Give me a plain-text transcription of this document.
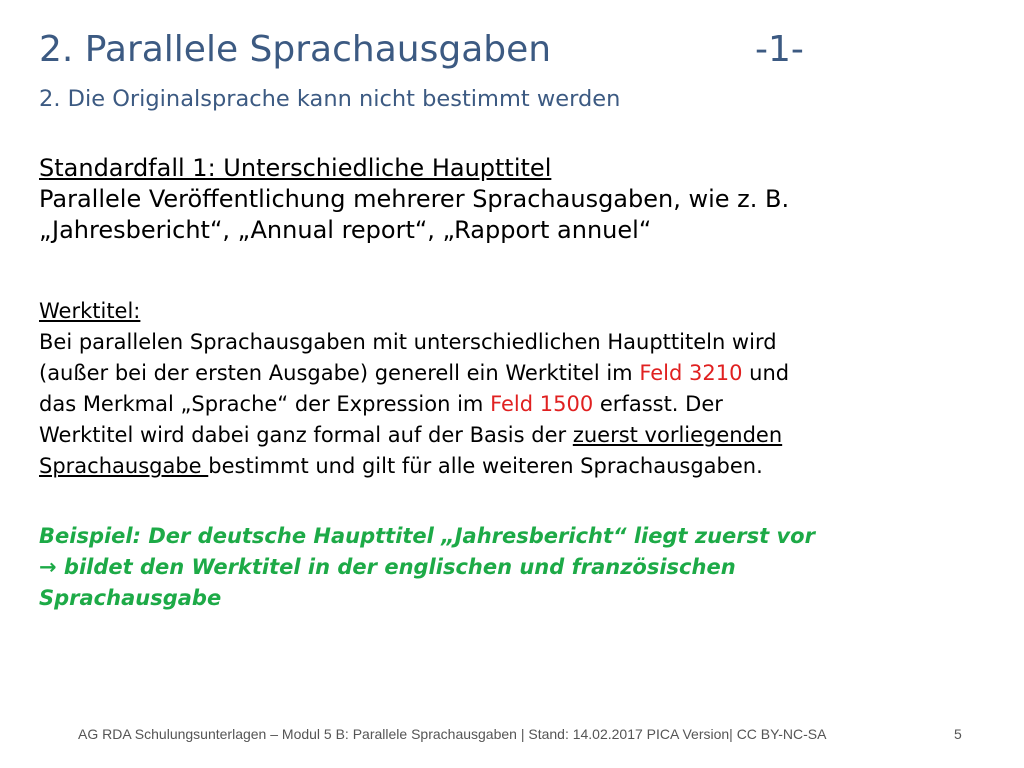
2. Parallele Sprachausgaben	-1-
2. Die Originalsprache kann nicht bestimmt werden
Standardfall 1: Unterschiedliche Haupttitel
Parallele Veröffentlichung mehrerer Sprachausgaben, wie z. B.
„Jahresbericht“, „Annual report“, „Rapport annuel“
Werktitel:
Bei parallelen Sprachausgaben mit unterschiedlichen Haupttiteln wird
(außer bei der ersten Ausgabe) generell ein Werktitel im Feld 3210 und
das Merkmal „Sprache“ der Expression im Feld 1500 erfasst. Der
Werktitel wird dabei ganz formal auf der Basis der zuerst vorliegenden
Sprachausgabe bestimmt und gilt für alle weiteren Sprachausgaben.
Beispiel: Der deutsche Haupttitel „Jahresbericht“ liegt zuerst vor
→ bildet den Werktitel in der englischen und französischen
Sprachausgabe
AG RDA Schulungsunterlagen – Modul 5 B: Parallele Sprachausgaben | Stand: 14.02.2017 PICA Version| CC BY-NC-SA	5
